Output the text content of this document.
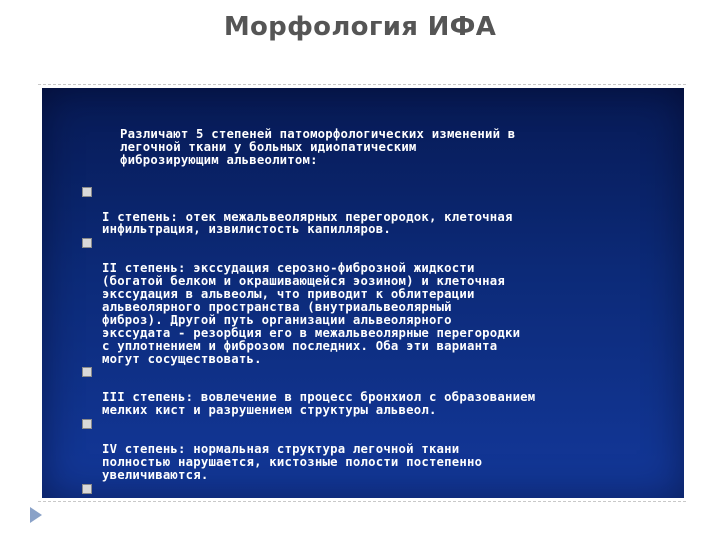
Морфология ИФА

Различают 5 степеней патоморфологических изменений в
легочной ткани у больных идиопатическим
фиброзирующим альвеолитом:

I степень: отек межальвеолярных перегородок, клеточная
инфильтрация, извилистость капилляров.

II степень: экссудация серозно-фиброзной жидкости
(богатой белком и окрашивающейся эозином) и клеточная
экссудация в альвеолы, что приводит к облитерации
альвеолярного пространства (внутриальвеолярный
фиброз). Другой путь организации альвеолярного
экссудата - резорбция его в межальвеолярные перегородки
с уплотнением и фиброзом последних. Оба эти варианта
могут сосуществовать.

III степень: вовлечение в процесс бронхиол с образованием
мелких кист и разрушением структуры альвеол.

IV степень: нормальная структура легочной ткани
полностью нарушается, кистозные полости постепенно
увеличиваются.

V степень: образование так называемого «сотового (или
ячеистого) легкого». Кисты достигают 1 см в диаметре.
